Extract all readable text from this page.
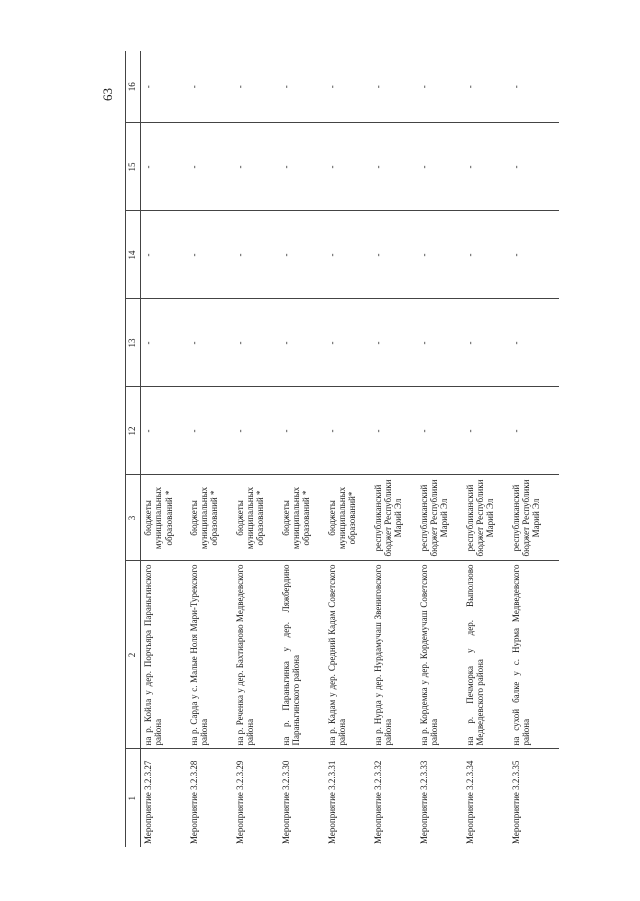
63
1	2	3	12	13	14	15	16
Мероприятие 3.2.3.27	на р. Койла у дер. Порчъяра Параньгинского района	бюджеты муниципальных образований *	-	-	-	-	-
Мероприятие 3.2.3.28	на р. Сарда у с. Малые Ноля Мари-Турекского района	бюджеты муниципальных образований *	-	-	-	-	-
Мероприятие 3.2.3.29	на р. Реченка у дер. Бахтиарово Медведевского района	бюджеты муниципальных образований *	-	-	-	-	-
Мероприятие 3.2.3.30	на р. Параньгинка у дер. Ляжбердино Параньгинского района	бюджеты муниципальных образований *	-	-	-	-	-
Мероприятие 3.2.3.31	на р. Кадам у дер. Средний Кадам Советского района	бюджеты муниципальных образований*	-	-	-	-	-
Мероприятие 3.2.3.32	на р. Нурда у дер. Нурдамучаш Звениговского района	республиканский бюджет Республики Марий Эл	-	-	-	-	-
Мероприятие 3.2.3.33	на р. Кордемка у дер. Кордемучаш Советского района	республиканский бюджет Республики Марий Эл	-	-	-	-	-
Мероприятие 3.2.3.34	на р. Печморка у дер. Выползово Медведевского района	республиканский бюджет Республики Марий Эл	-	-	-	-	-
Мероприятие 3.2.3.35	на сухой балке у с. Нурма Медведевского района	республиканский бюджет Республики Марий Эл	-	-	-	-	-
